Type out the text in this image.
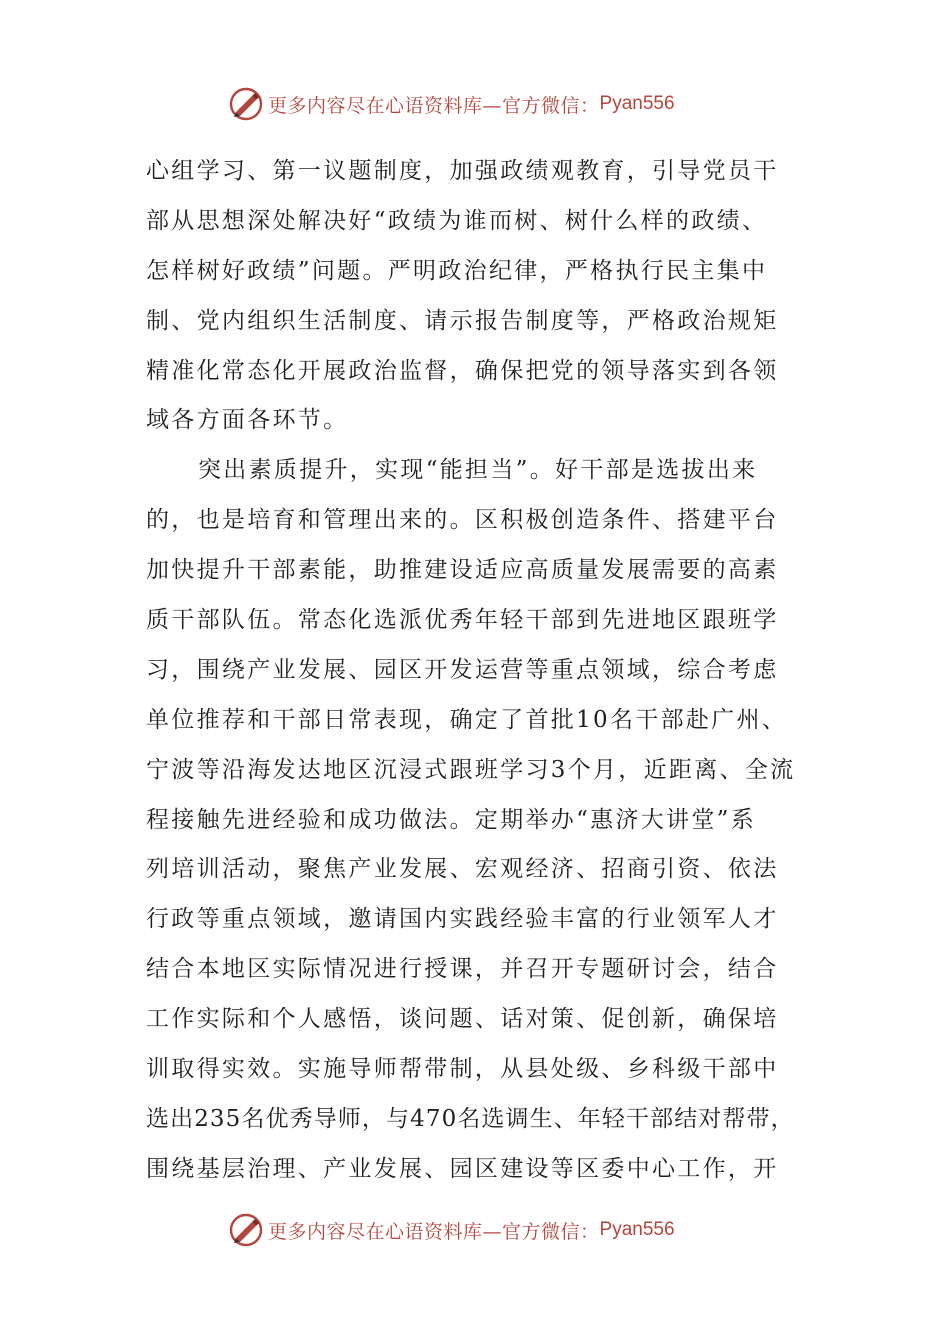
更多内容尽在心语资料库—官方微信： Pyan556
心组学习、第一议题制度，加强政绩观教育，引导党员干
部从思想深处解决好“政绩为谁而树、树什么样的政绩、
怎样树好政绩”问题。严明政治纪律，严格执行民主集中
制、党内组织生活制度、请示报告制度等，严格政治规矩
精准化常态化开展政治监督，确保把党的领导落实到各领
域各方面各环节。
突出素质提升，实现“能担当”。好干部是选拔出来
的，也是培育和管理出来的。区积极创造条件、搭建平台
加快提升干部素能，助推建设适应高质量发展需要的高素
质干部队伍。常态化选派优秀年轻干部到先进地区跟班学
习，围绕产业发展、园区开发运营等重点领域，综合考虑
单位推荐和干部日常表现，确定了首批10名干部赴广州、
宁波等沿海发达地区沉浸式跟班学习3个月，近距离、全流
程接触先进经验和成功做法。定期举办“惠济大讲堂”系
列培训活动，聚焦产业发展、宏观经济、招商引资、依法
行政等重点领域，邀请国内实践经验丰富的行业领军人才
结合本地区实际情况进行授课，并召开专题研讨会，结合
工作实际和个人感悟，谈问题、话对策、促创新，确保培
训取得实效。实施导师帮带制，从县处级、乡科级干部中
选出235名优秀导师，与470名选调生、年轻干部结对帮带，
围绕基层治理、产业发展、园区建设等区委中心工作，开
更多内容尽在心语资料库—官方微信： Pyan556
